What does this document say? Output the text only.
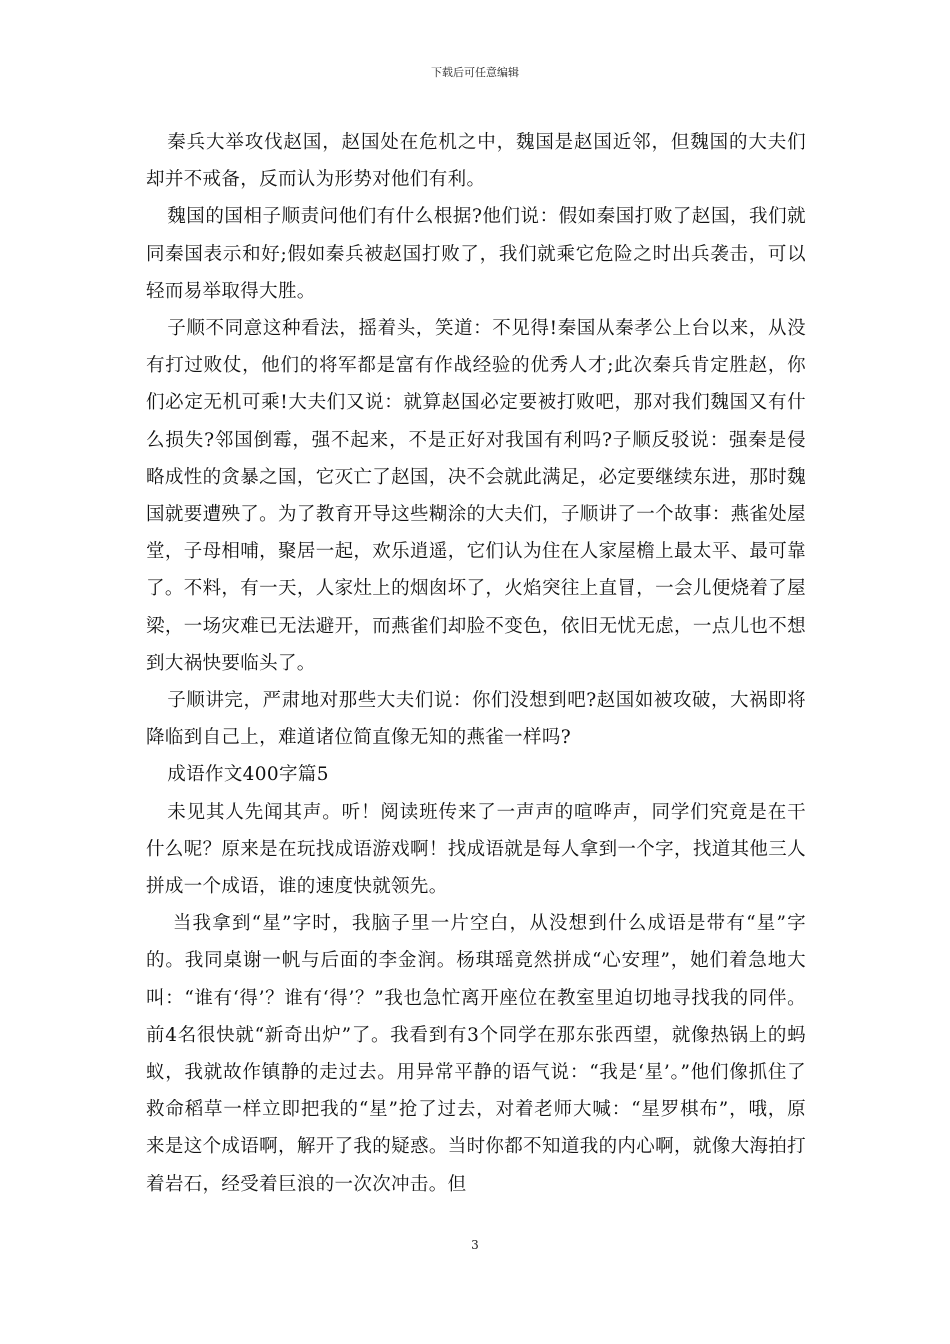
下载后可任意编辑

秦兵大举攻伐赵国，赵国处在危机之中，魏国是赵国近邻，但魏国的大夫们却并不戒备，反而认为形势对他们有利。

魏国的国相子顺责问他们有什么根据?他们说：假如秦国打败了赵国，我们就同秦国表示和好;假如秦兵被赵国打败了，我们就乘它危险之时出兵袭击，可以轻而易举取得大胜。

子顺不同意这种看法，摇着头，笑道：不见得!秦国从秦孝公上台以来，从没有打过败仗，他们的将军都是富有作战经验的优秀人才;此次秦兵肯定胜赵，你们必定无机可乘!大夫们又说：就算赵国必定要被打败吧，那对我们魏国又有什么损失?邻国倒霉，强不起来，不是正好对我国有利吗?子顺反驳说：强秦是侵略成性的贪暴之国，它灭亡了赵国，决不会就此满足，必定要继续东进，那时魏国就要遭殃了。为了教育开导这些糊涂的大夫们，子顺讲了一个故事：燕雀处屋堂，子母相哺，聚居一起，欢乐逍遥，它们认为住在人家屋檐上最太平、最可靠了。不料，有一天，人家灶上的烟囱坏了，火焰突往上直冒，一会儿便烧着了屋梁，一场灾难已无法避开，而燕雀们却脸不变色，依旧无忧无虑，一点儿也不想到大祸快要临头了。

子顺讲完，严肃地对那些大夫们说：你们没想到吧?赵国如被攻破，大祸即将降临到自己上，难道诸位简直像无知的燕雀一样吗?

成语作文400字篇5

未见其人先闻其声。听！阅读班传来了一声声的喧哗声，同学们究竟是在干什么呢？原来是在玩找成语游戏啊！找成语就是每人拿到一个字，找道其他三人拼成一个成语，谁的速度快就领先。

当我拿到“星”字时，我脑子里一片空白，从没想到什么成语是带有“星”字的。我同桌谢一帆与后面的李金润。杨琪瑶竟然拼成“心安理”，她们着急地大叫：“谁有‘得’？谁有‘得’？”我也急忙离开座位在教室里迫切地寻找我的同伴。前4名很快就“新奇出炉”了。我看到有3个同学在那东张西望，就像热锅上的蚂蚁，我就故作镇静的走过去。用异常平静的语气说：“我是‘星’。”他们像抓住了救命稻草一样立即把我的“星”抢了过去，对着老师大喊：“星罗棋布”，哦，原来是这个成语啊，解开了我的疑惑。当时你都不知道我的内心啊，就像大海拍打着岩石，经受着巨浪的一次次冲击。但

3
